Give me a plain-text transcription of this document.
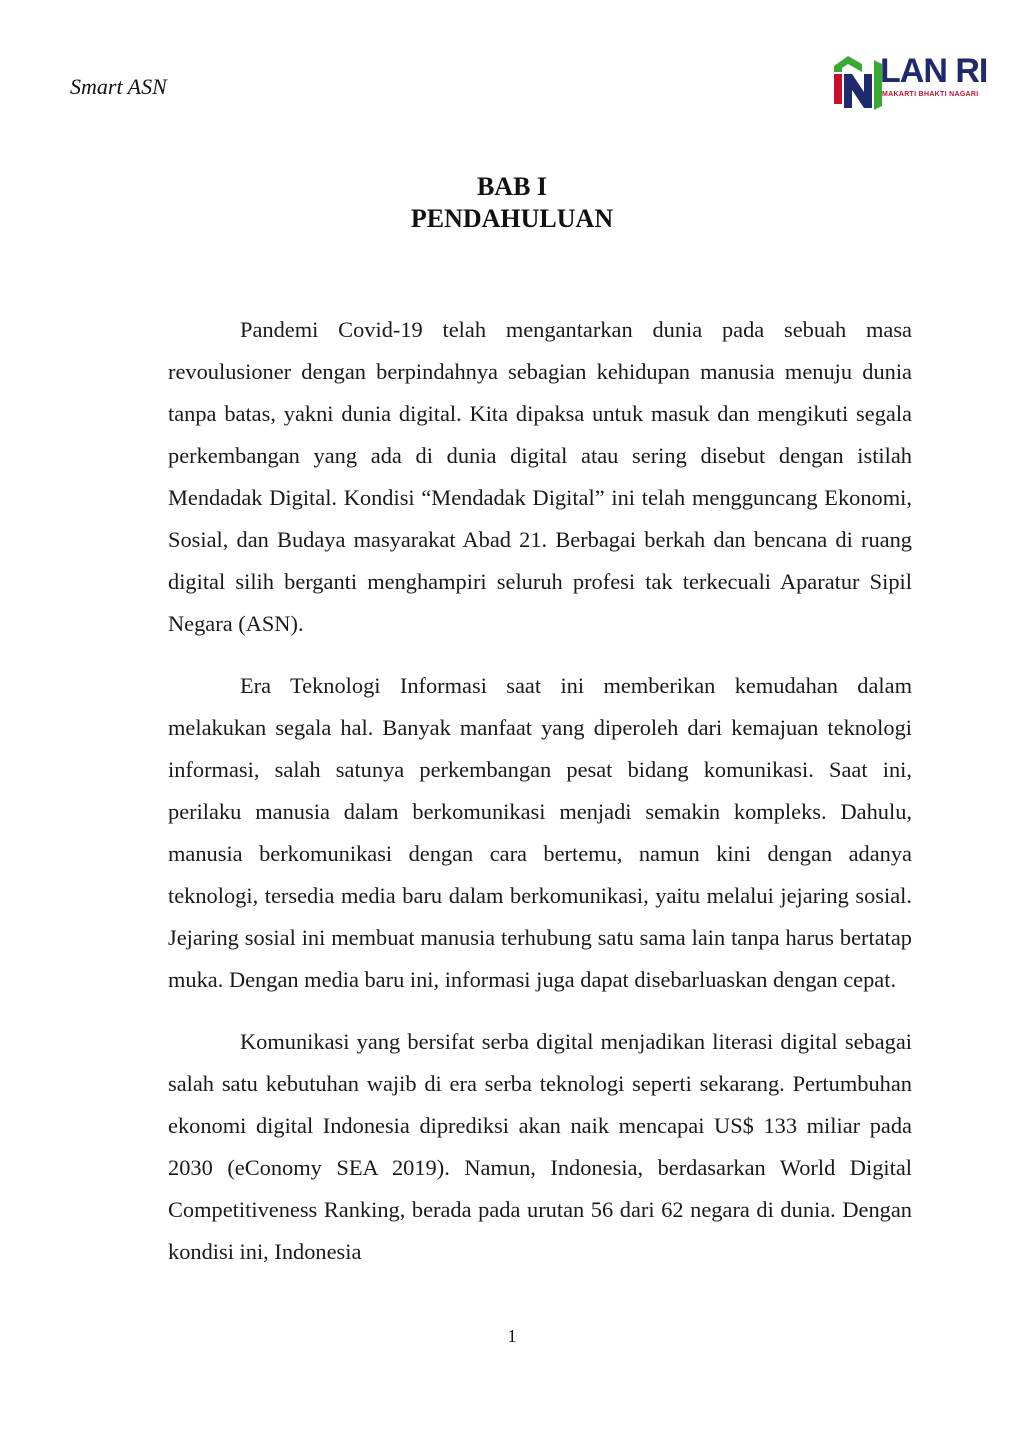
Smart ASN	LAN RI
MAKARTI BHAKTI NAGARI
BAB I
PENDAHULUAN

Pandemi Covid-19 telah mengantarkan dunia pada sebuah masa revoulusioner dengan berpindahnya sebagian kehidupan manusia menuju dunia tanpa batas, yakni dunia digital. Kita dipaksa untuk masuk dan mengikuti segala perkembangan yang ada di dunia digital atau sering disebut dengan istilah Mendadak Digital. Kondisi “Mendadak Digital” ini telah mengguncang Ekonomi, Sosial, dan Budaya masyarakat Abad 21. Berbagai berkah dan bencana di ruang digital silih berganti menghampiri seluruh profesi tak terkecuali Aparatur Sipil Negara (ASN).

Era Teknologi Informasi saat ini memberikan kemudahan dalam melakukan segala hal. Banyak manfaat yang diperoleh dari kemajuan teknologi informasi, salah satunya perkembangan pesat bidang komunikasi. Saat ini, perilaku manusia dalam berkomunikasi menjadi semakin kompleks. Dahulu, manusia berkomunikasi dengan cara bertemu, namun kini dengan adanya teknologi, tersedia media baru dalam berkomunikasi, yaitu melalui jejaring sosial. Jejaring sosial ini membuat manusia terhubung satu sama lain tanpa harus bertatap muka. Dengan media baru ini, informasi juga dapat disebarluaskan dengan cepat.

Komunikasi yang bersifat serba digital menjadikan literasi digital sebagai salah satu kebutuhan wajib di era serba teknologi seperti sekarang. Pertumbuhan ekonomi digital Indonesia diprediksi akan naik mencapai US$ 133 miliar pada 2030 (eConomy SEA 2019). Namun, Indonesia, berdasarkan World Digital Competitiveness Ranking, berada pada urutan 56 dari 62 negara di dunia. Dengan kondisi ini, Indonesia

1
